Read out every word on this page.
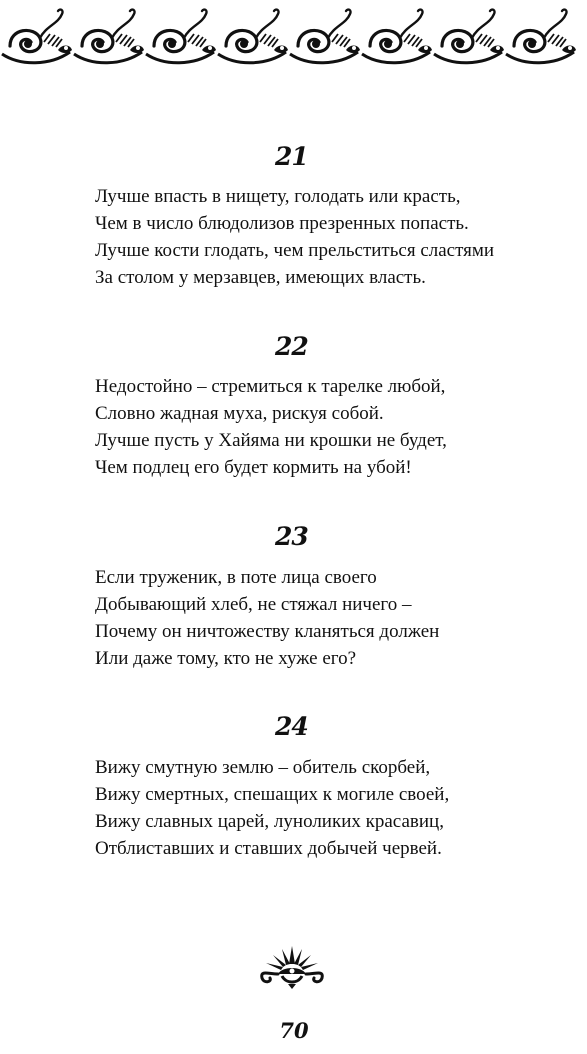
21
Лучше впасть в нищету, голодать или красть,
Чем в число блюдолизов презренных попасть.
Лучше кости глодать, чем прельститься сластями
За столом у мерзавцев, имеющих власть.
22
Недостойно – стремиться к тарелке любой,
Словно жадная муха, рискуя собой.
Лучше пусть у Хайяма ни крошки не будет,
Чем подлец его будет кормить на убой!
23
Если труженик, в поте лица своего
Добывающий хлеб, не стяжал ничего –
Почему он ничтожеству кланяться должен
Или даже тому, кто не хуже его?
24
Вижу смутную землю – обитель скорбей,
Вижу смертных, спешащих к могиле своей,
Вижу славных царей, луноликих красавиц,
Отблиставших и ставших добычей червей.
70
